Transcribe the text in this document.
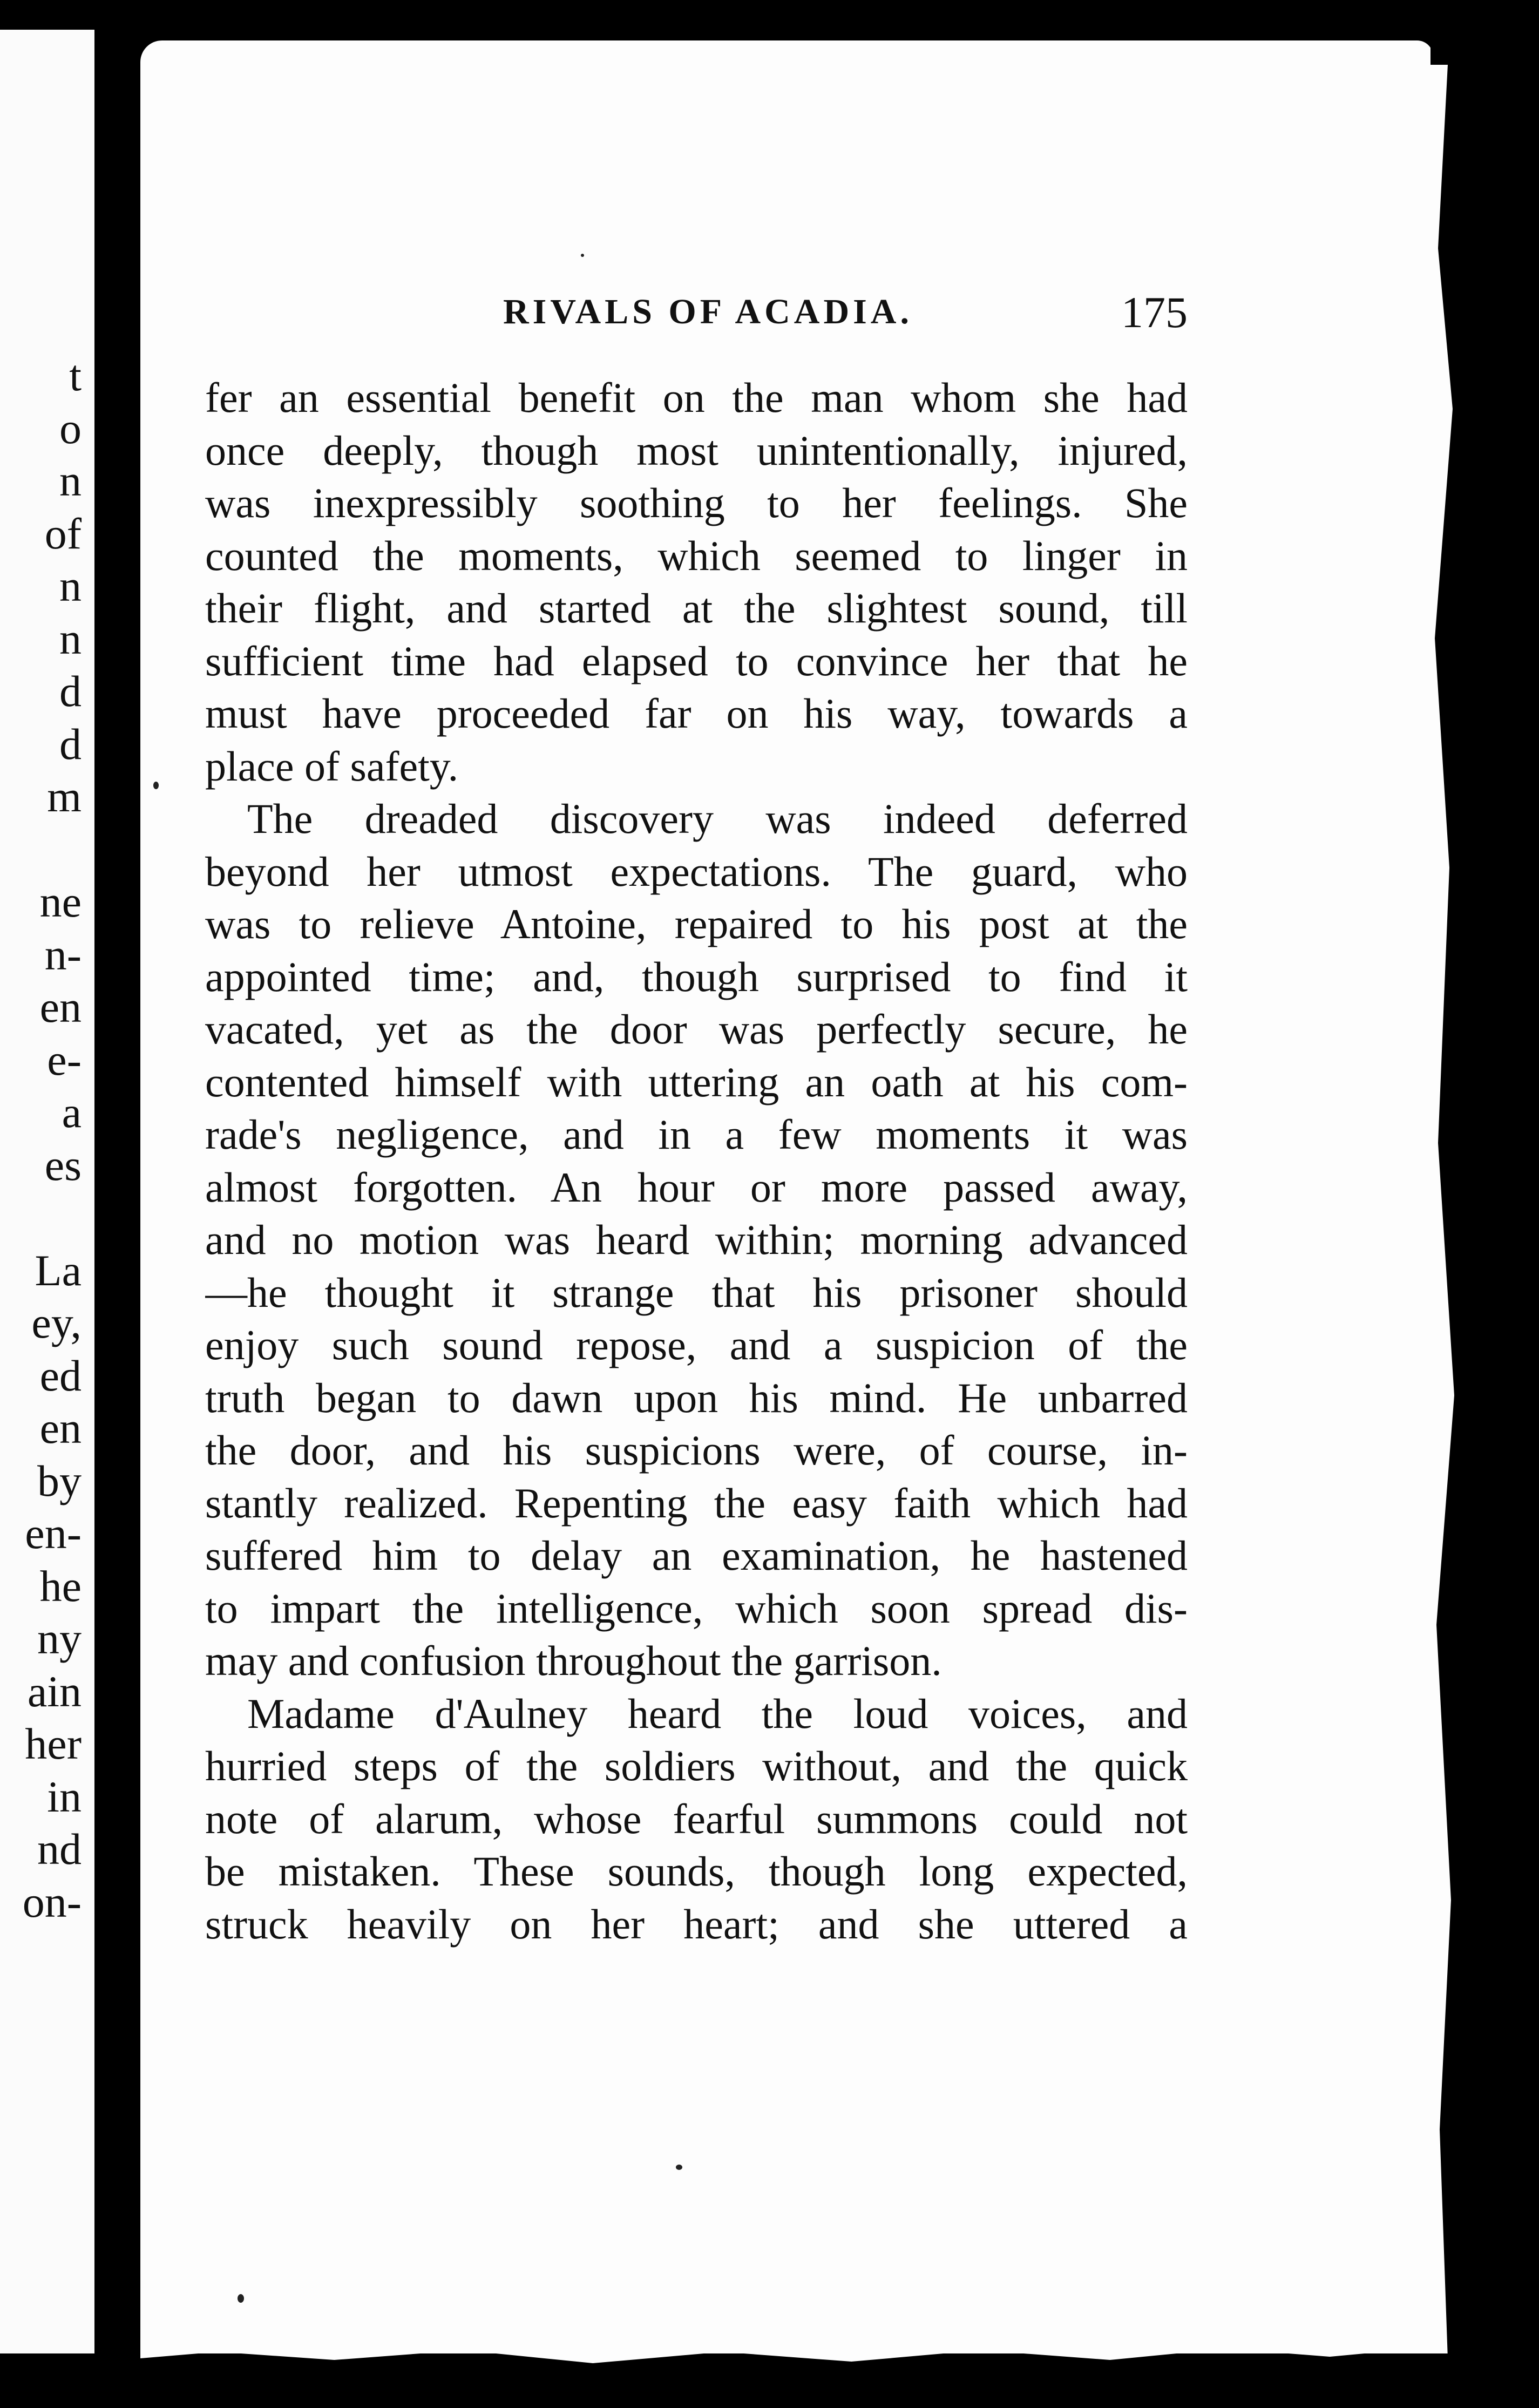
t
o
n
of
n
n
d
d
m
ne
n-
en
e-
a
es
La
ey,
ed
en
by
en-
he
ny
ain
her
in
nd
on-
RIVALS OF ACADIA.	175
fer an essential benefit on the man whom she had
once deeply, though most unintentionally, injured,
was inexpressibly soothing to her feelings. She
counted the moments, which seemed to linger in
their flight, and started at the slightest sound, till
sufficient time had elapsed to convince her that he
must have proceeded far on his way, towards a
place of safety.
The dreaded discovery was indeed deferred
beyond her utmost expectations. The guard, who
was to relieve Antoine, repaired to his post at the
appointed time; and, though surprised to find it
vacated, yet as the door was perfectly secure, he
contented himself with uttering an oath at his com-
rade's negligence, and in a few moments it was
almost forgotten. An hour or more passed away,
and no motion was heard within; morning advanced
—he thought it strange that his prisoner should
enjoy such sound repose, and a suspicion of the
truth began to dawn upon his mind. He unbarred
the door, and his suspicions were, of course, in-
stantly realized. Repenting the easy faith which had
suffered him to delay an examination, he hastened
to impart the intelligence, which soon spread dis-
may and confusion throughout the garrison.
Madame d'Aulney heard the loud voices, and
hurried steps of the soldiers without, and the quick
note of alarum, whose fearful summons could not
be mistaken. These sounds, though long expected,
struck heavily on her heart; and she uttered a
